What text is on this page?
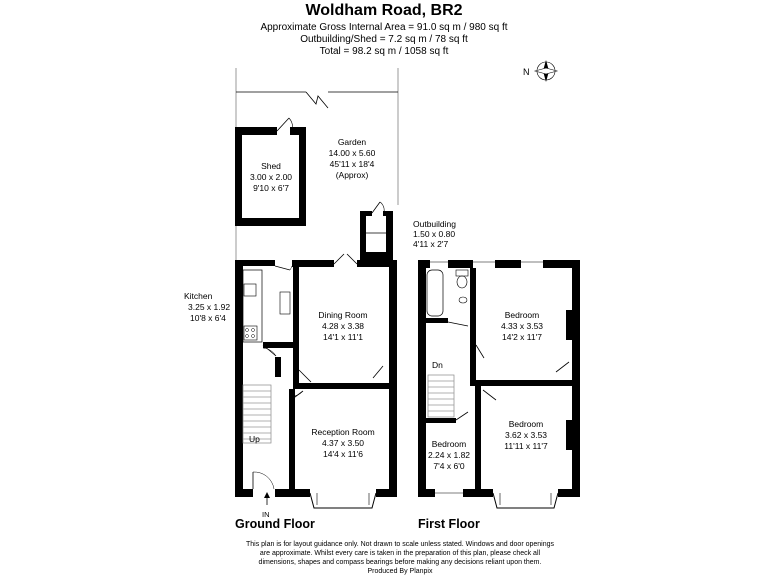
Woldham Road, BR2
Approximate Gross Internal Area = 91.0 sq m / 980 sq ft
Outbuilding/Shed = 7.2 sq m / 78 sq ft
Total = 98.2 sq m / 1058 sq ft
N
Garden
14.00 x 5.60
45'11 x 18'4
(Approx)
Shed
3.00 x 2.00
9'10 x 6'7
Outbuilding
1.50 x 0.80
4'11 x 2'7
Kitchen
3.25 x 1.92
10'8 x 6'4	Dining Room
4.28 x 3.38
14'1 x 11'1
Reception Room
4.37 x 3.50
14'4 x 11'6
Up
IN
Bedroom
4.33 x 3.53
14'2 x 11'7
Bedroom
3.62 x 3.53
11'11 x 11'7
Bedroom
2.24 x 1.82
7'4 x 6'0
Dn
Ground Floor	First Floor
This plan is for layout guidance only. Not drawn to scale unless stated. Windows and door openings
are approximate. Whilst every care is taken in the preparation of this plan, please check all
dimensions, shapes and compass bearings before making any decisions reliant upon them.
Produced By Planpix
